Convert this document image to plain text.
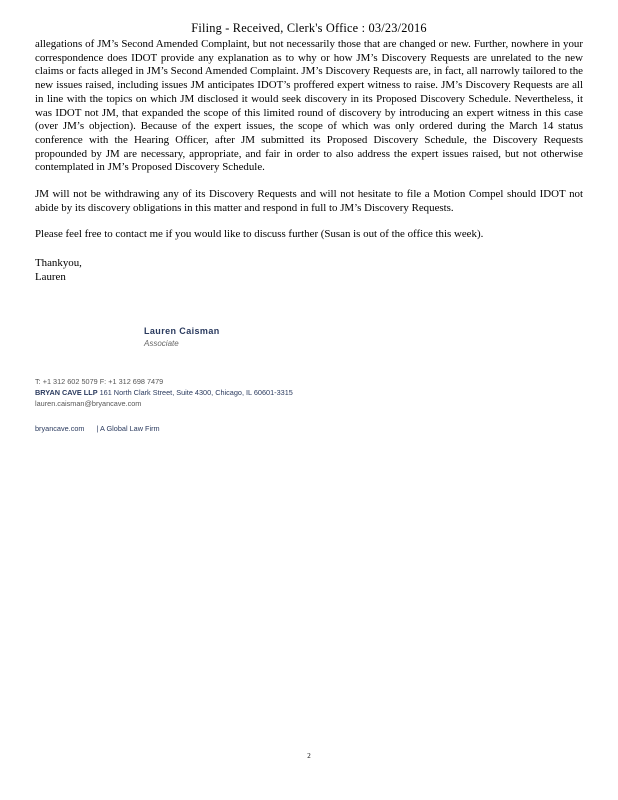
Filing - Received, Clerk's Office : 03/23/2016

allegations of JM’s Second Amended Complaint, but not necessarily those that are changed or new. Further, nowhere in your correspondence does IDOT provide any explanation as to why or how JM’s Discovery Requests are unrelated to the new claims or facts alleged in JM’s Second Amended Complaint. JM’s Discovery Requests are, in fact, all narrowly tailored to the new issues raised, including issues JM anticipates IDOT’s proffered expert witness to raise. JM’s Discovery Requests are all in line with the topics on which JM disclosed it would seek discovery in its Proposed Discovery Schedule. Nevertheless, it was IDOT not JM, that expanded the scope of this limited round of discovery by introducing an expert witness in this case (over JM’s objection). Because of the expert issues, the scope of which was only ordered during the March 14 status conference with the Hearing Officer, after JM submitted its Proposed Discovery Schedule, the Discovery Requests propounded by JM are necessary, appropriate, and fair in order to also address the expert issues raised, but not otherwise contemplated in JM’s Proposed Discovery Schedule.

JM will not be withdrawing any of its Discovery Requests and will not hesitate to file a Motion Compel should IDOT not abide by its discovery obligations in this matter and respond in full to JM’s Discovery Requests.

Please feel free to contact me if you would like to discuss further (Susan is out of the office this week).

Thankyou,
Lauren
Lauren Caisman
Associate
T: +1 312 602 5079 F: +1 312 698 7479
BRYAN CAVE LLP 161 North Clark Street, Suite 4300, Chicago, IL 60601-3315
lauren.caisman@bryancave.com
bryancave.com | A Global Law Firm
2
